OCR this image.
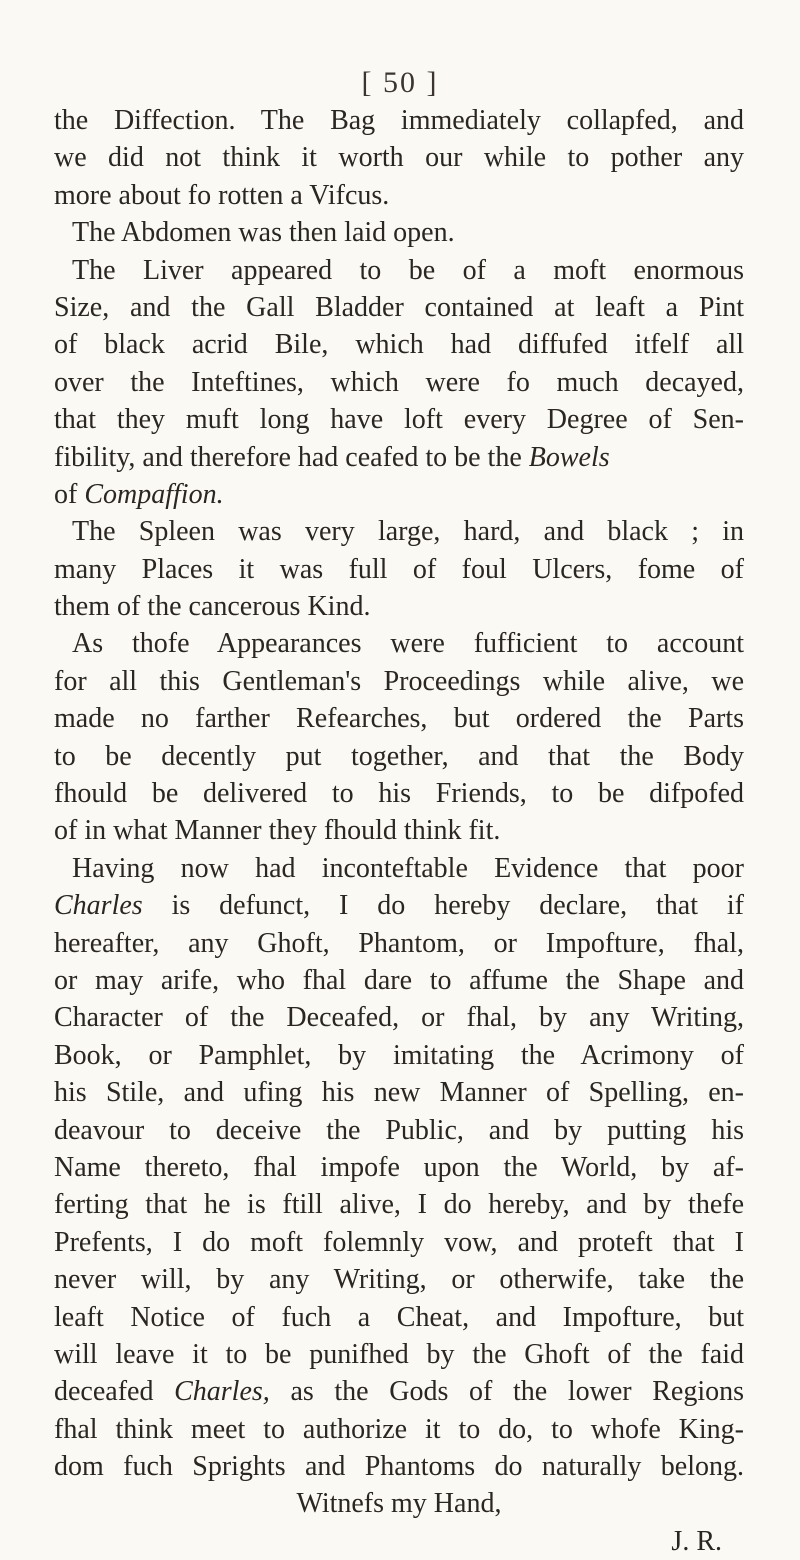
[ 50 ]
the Diffection. The Bag immediately collapfed, and
we did not think it worth our while to pother any
more about fo rotten a Vifcus.
The Abdomen was then laid open.
The Liver appeared to be of a moft enormous
Size, and the Gall Bladder contained at leaft a Pint
of black acrid Bile, which had diffufed itfelf all
over the Inteftines, which were fo much decayed,
that they muft long have loft every Degree of Sen-
fibility, and therefore had ceafed to be the Bowels
of Compaffion.
The Spleen was very large, hard, and black ; in
many Places it was full of foul Ulcers, fome of
them of the cancerous Kind.
As thofe Appearances were fufficient to account
for all this Gentleman's Proceedings while alive, we
made no farther Refearches, but ordered the Parts
to be decently put together, and that the Body
fhould be delivered to his Friends, to be difpofed
of in what Manner they fhould think fit.
Having now had inconteftable Evidence that poor
Charles is defunct, I do hereby declare, that if
hereafter, any Ghoft, Phantom, or Impofture, fhal,
or may arife, who fhal dare to affume the Shape and
Character of the Deceafed, or fhal, by any Writing,
Book, or Pamphlet, by imitating the Acrimony of
his Stile, and ufing his new Manner of Spelling, en-
deavour to deceive the Public, and by putting his
Name thereto, fhal impofe upon the World, by af-
ferting that he is ftill alive, I do hereby, and by thefe
Prefents, I do moft folemnly vow, and proteft that I
never will, by any Writing, or otherwife, take the
leaft Notice of fuch a Cheat, and Impofture, but
will leave it to be punifhed by the Ghoft of the faid
deceafed Charles, as the Gods of the lower Regions
fhal think meet to authorize it to do, to whofe King-
dom fuch Sprights and Phantoms do naturally belong.
Witnefs my Hand,
J. R.
